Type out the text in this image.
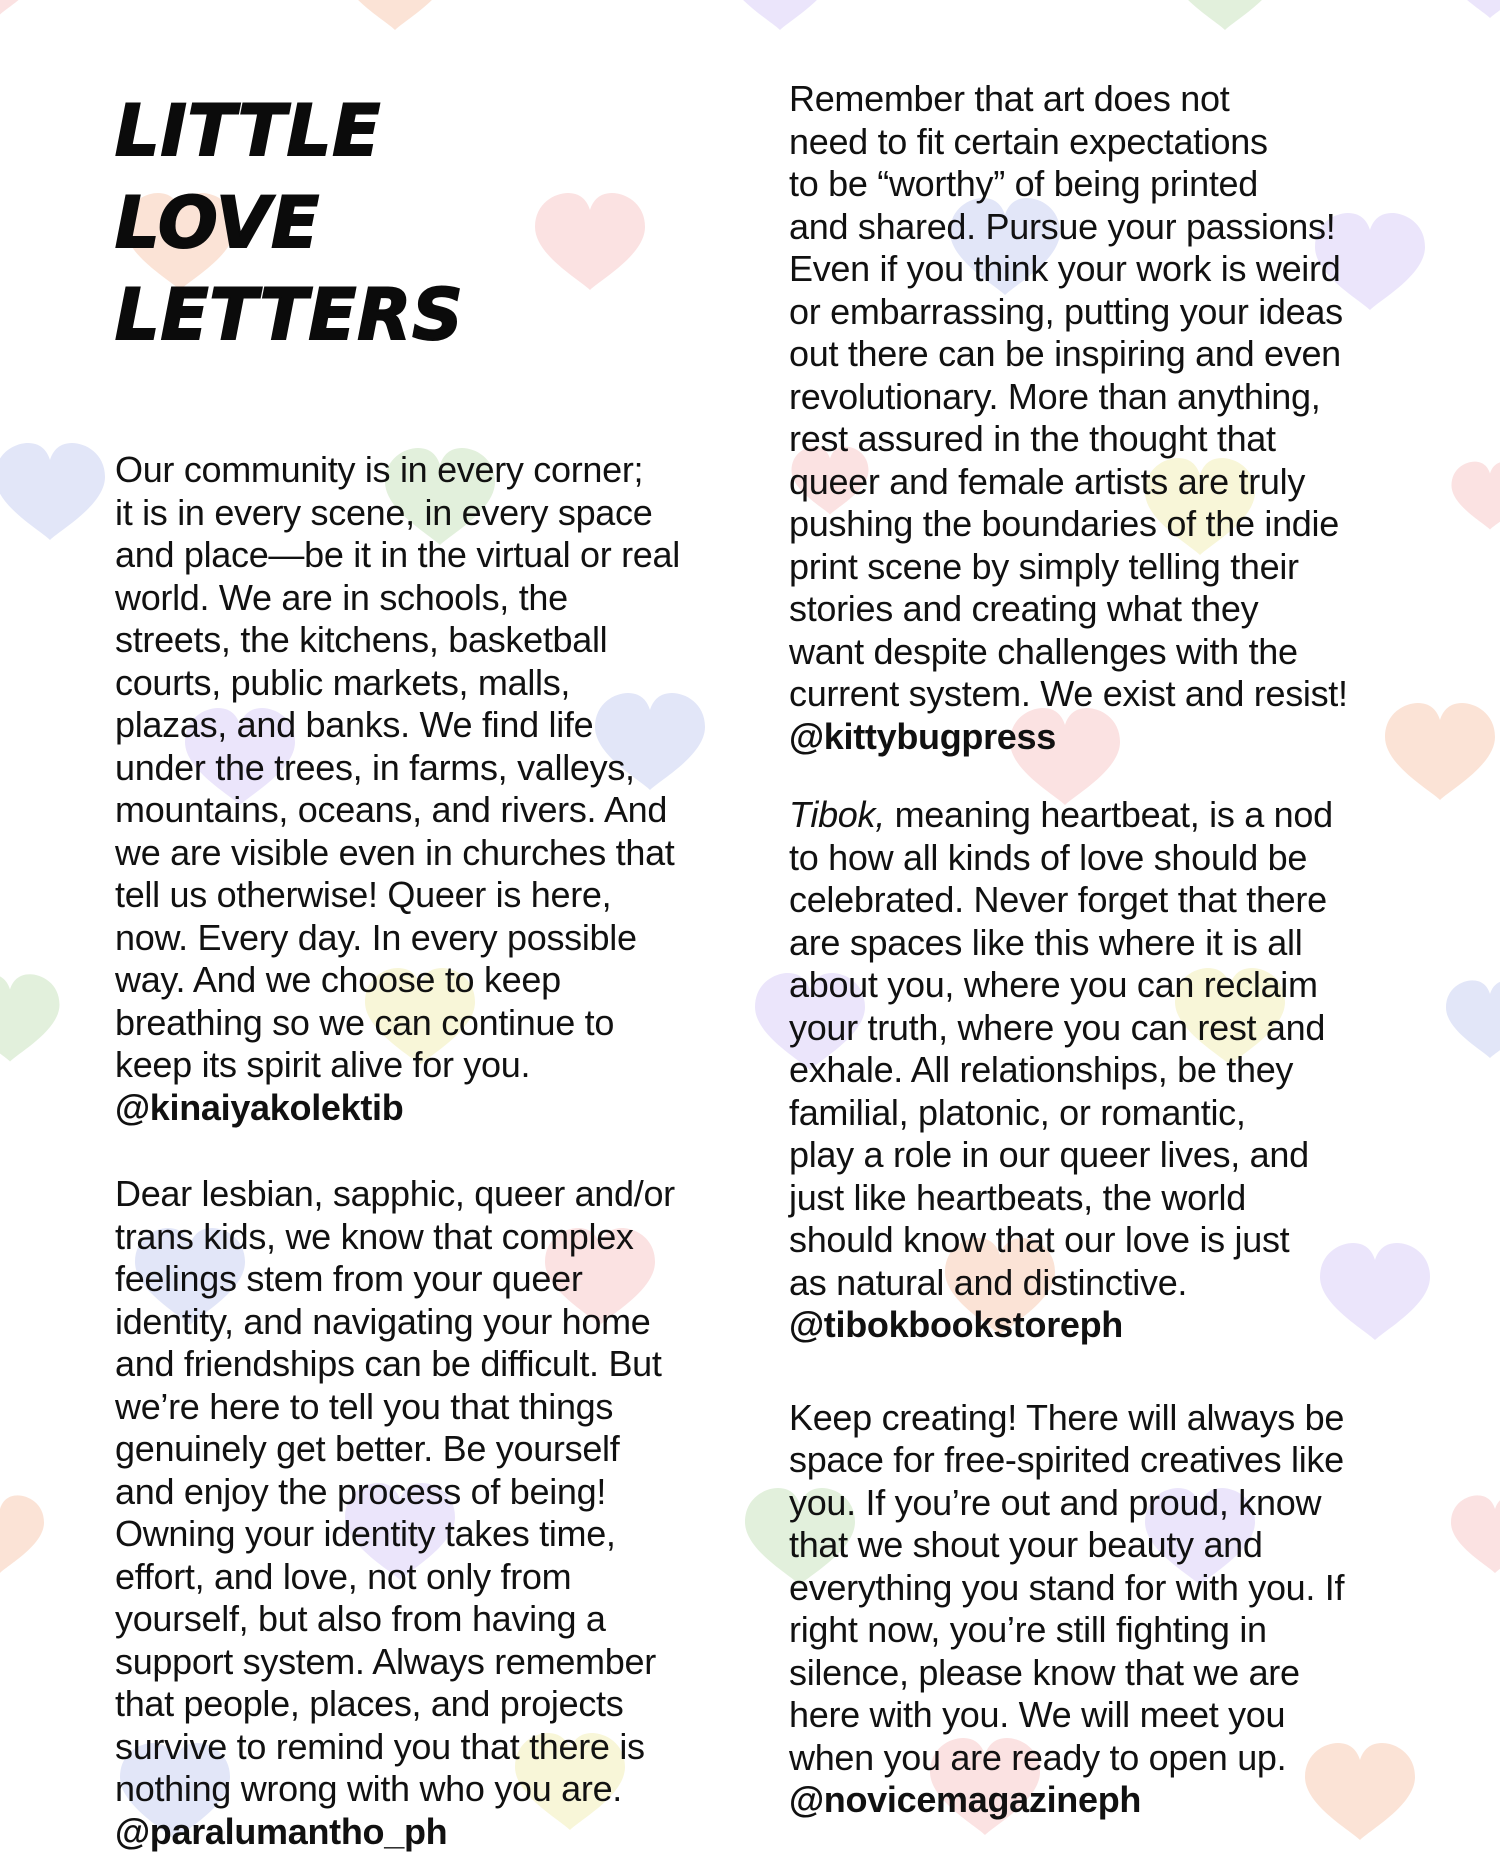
LITTLE
LOVE
LETTERS
Our community is in every corner;
it is in every scene, in every space
and place—be it in the virtual or real
world. We are in schools, the
streets, the kitchens, basketball
courts, public markets, malls,
plazas, and banks. We find life
under the trees, in farms, valleys,
mountains, oceans, and rivers. And
we are visible even in churches that
tell us otherwise! Queer is here,
now. Every day. In every possible
way. And we choose to keep
breathing so we can continue to
keep its spirit alive for you.
@kinaiyakolektib
Dear lesbian, sapphic, queer and/or
trans kids, we know that complex
feelings stem from your queer
identity, and navigating your home
and friendships can be difficult. But
we’re here to tell you that things
genuinely get better. Be yourself
and enjoy the process of being!
Owning your identity takes time,
effort, and love, not only from
yourself, but also from having a
support system. Always remember
that people, places, and projects
survive to remind you that there is
nothing wrong with who you are.
@paralumantho_ph
Remember that art does not
need to fit certain expectations
to be “worthy” of being printed
and shared. Pursue your passions!
Even if you think your work is weird
or embarrassing, putting your ideas
out there can be inspiring and even
revolutionary. More than anything,
rest assured in the thought that
queer and female artists are truly
pushing the boundaries of the indie
print scene by simply telling their
stories and creating what they
want despite challenges with the
current system. We exist and resist!
@kittybugpress
Tibok, meaning heartbeat, is a nod
to how all kinds of love should be
celebrated. Never forget that there
are spaces like this where it is all
about you, where you can reclaim
your truth, where you can rest and
exhale. All relationships, be they
familial, platonic, or romantic,
play a role in our queer lives, and
just like heartbeats, the world
should know that our love is just
as natural and distinctive.
@tibokbookstoreph
Keep creating! There will always be
space for free-spirited creatives like
you. If you’re out and proud, know
that we shout your beauty and
everything you stand for with you. If
right now, you’re still fighting in
silence, please know that we are
here with you. We will meet you
when you are ready to open up.
@novicemagazineph
